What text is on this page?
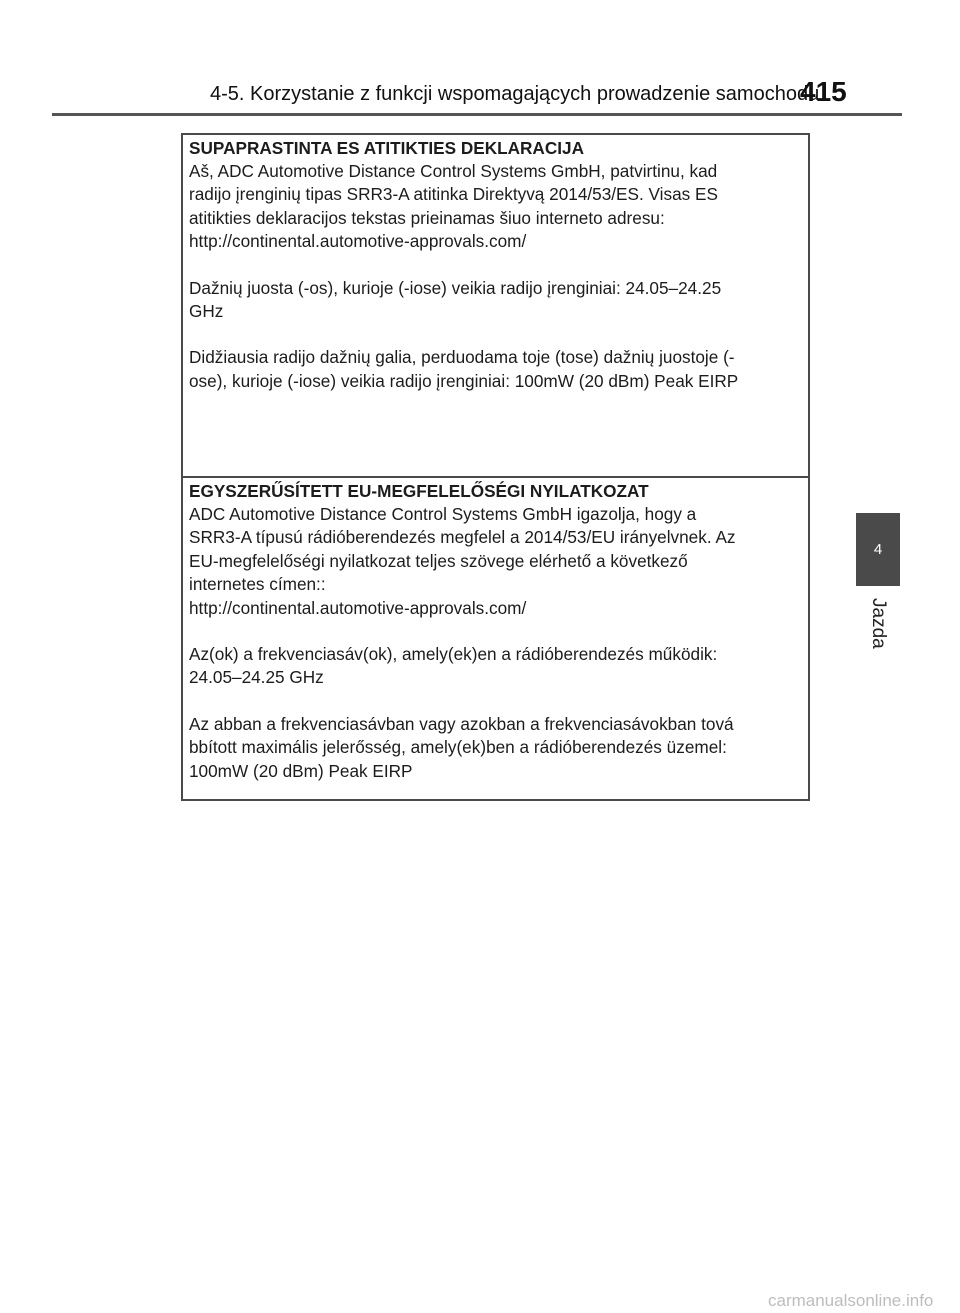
4-5. Korzystanie z funkcji wspomagających prowadzenie samochodu
415
4
Jazda
SUPAPRASTINTA ES ATITIKTIES DEKLARACIJA
Aš, ADC Automotive Distance Control Systems GmbH, patvirtinu, kad
radijo įrenginių tipas SRR3-A atitinka Direktyvą 2014/53/ES. Visas ES
atitikties deklaracijos tekstas prieinamas šiuo interneto adresu:
http://continental.automotive-approvals.com/
Dažnių juosta (-os), kurioje (-iose) veikia radijo įrenginiai: 24.05–24.25
GHz
Didžiausia radijo dažnių galia, perduodama toje (tose) dažnių juostoje (-
ose), kurioje (-iose) veikia radijo įrenginiai: 100mW (20 dBm) Peak EIRP
EGYSZERŰSÍTETT EU-MEGFELELŐSÉGI NYILATKOZAT
ADC Automotive Distance Control Systems GmbH igazolja, hogy a
SRR3-A típusú rádióberendezés megfelel a 2014/53/EU irányelvnek. Az
EU-megfelelőségi nyilatkozat teljes szövege elérhető a következő
internetes címen::
http://continental.automotive-approvals.com/
Az(ok) a frekvenciasáv(ok), amely(ek)en a rádióberendezés működik:
24.05–24.25 GHz
Az abban a frekvenciasávban vagy azokban a frekvenciasávokban tová
bbított maximális jelerősség, amely(ek)ben a rádióberendezés üzemel:
100mW (20 dBm) Peak EIRP
carmanualsonline.info
